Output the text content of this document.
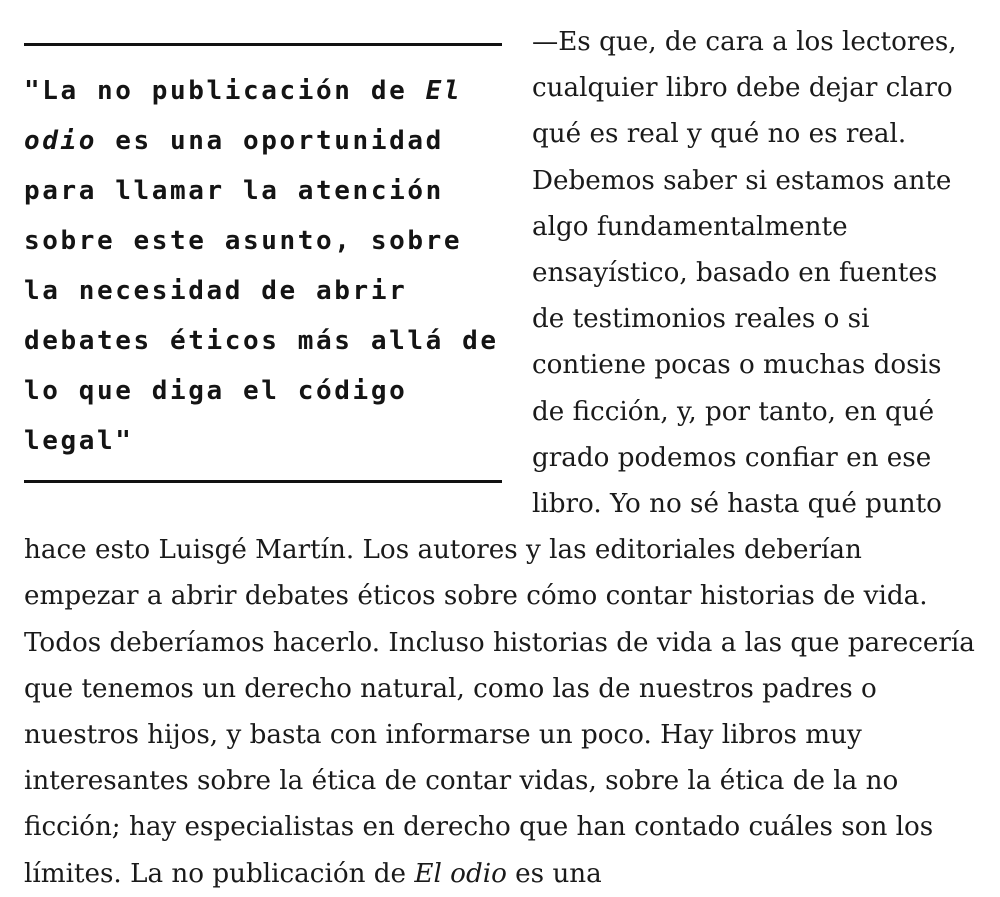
"La no publicación de El odio es una oportunidad para llamar la atención sobre este asunto, sobre la necesidad de abrir debates éticos más allá de lo que diga el código legal"

—Es que, de cara a los lectores, cualquier libro debe dejar claro qué es real y qué no es real. Debemos saber si estamos ante algo fundamentalmente ensayístico, basado en fuentes de testimonios reales o si contiene pocas o muchas dosis de ficción, y, por tanto, en qué grado podemos confiar en ese libro. Yo no sé hasta qué punto hace esto Luisgé Martín. Los autores y las editoriales deberían empezar a abrir debates éticos sobre cómo contar historias de vida. Todos deberíamos hacerlo. Incluso historias de vida a las que parecería que tenemos un derecho natural, como las de nuestros padres o nuestros hijos, y basta con informarse un poco. Hay libros muy interesantes sobre la ética de contar vidas, sobre la ética de la no ficción; hay especialistas en derecho que han contado cuáles son los límites. La no publicación de El odio es una
